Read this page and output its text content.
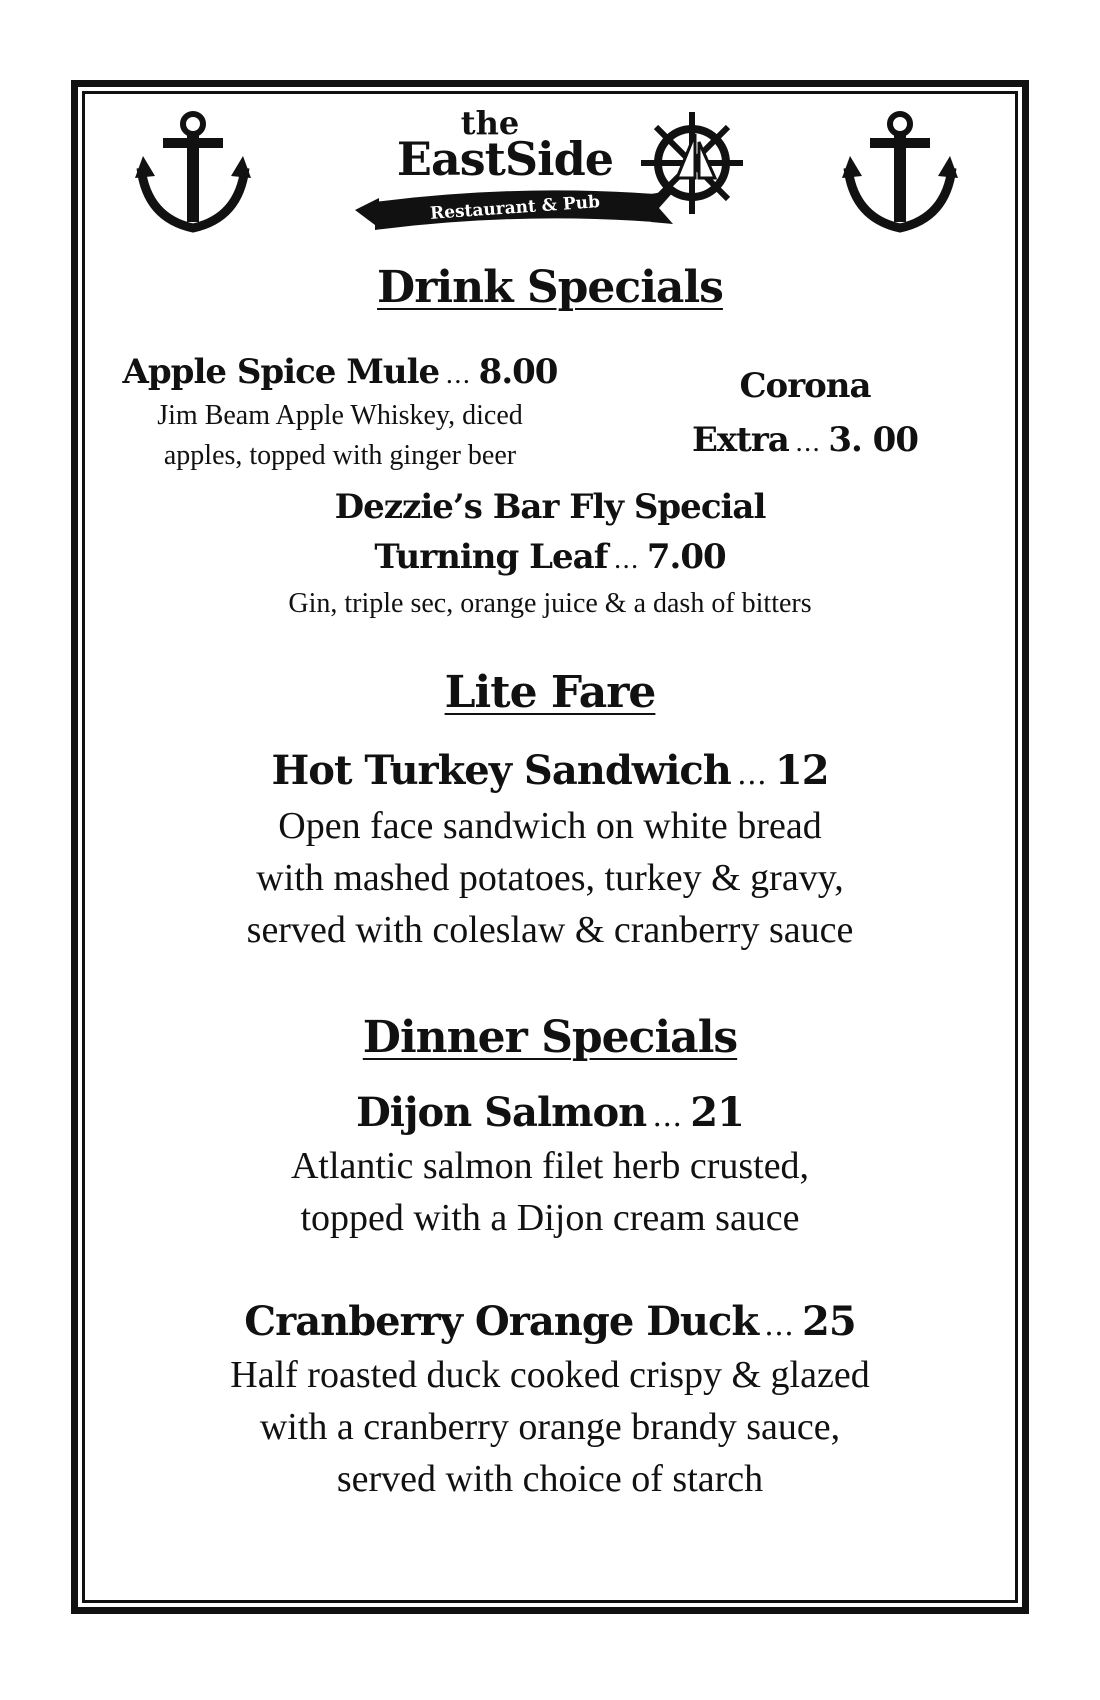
the
EastSide
Restaurant & Pub
Drink Specials
Apple Spice Mule … 8.00
Jim Beam Apple Whiskey, diced
apples, topped with ginger beer
Corona
Extra … 3. 00
Dezzie’s Bar Fly Special
Turning Leaf … 7.00
Gin, triple sec, orange juice & a dash of bitters
Lite Fare
Hot Turkey Sandwich … 12
Open face sandwich on white bread
with mashed potatoes, turkey & gravy,
served with coleslaw & cranberry sauce
Dinner Specials
Dijon Salmon … 21
Atlantic salmon filet herb crusted,
topped with a Dijon cream sauce
Cranberry Orange Duck … 25
Half roasted duck cooked crispy & glazed
with a cranberry orange brandy sauce,
served with choice of starch
